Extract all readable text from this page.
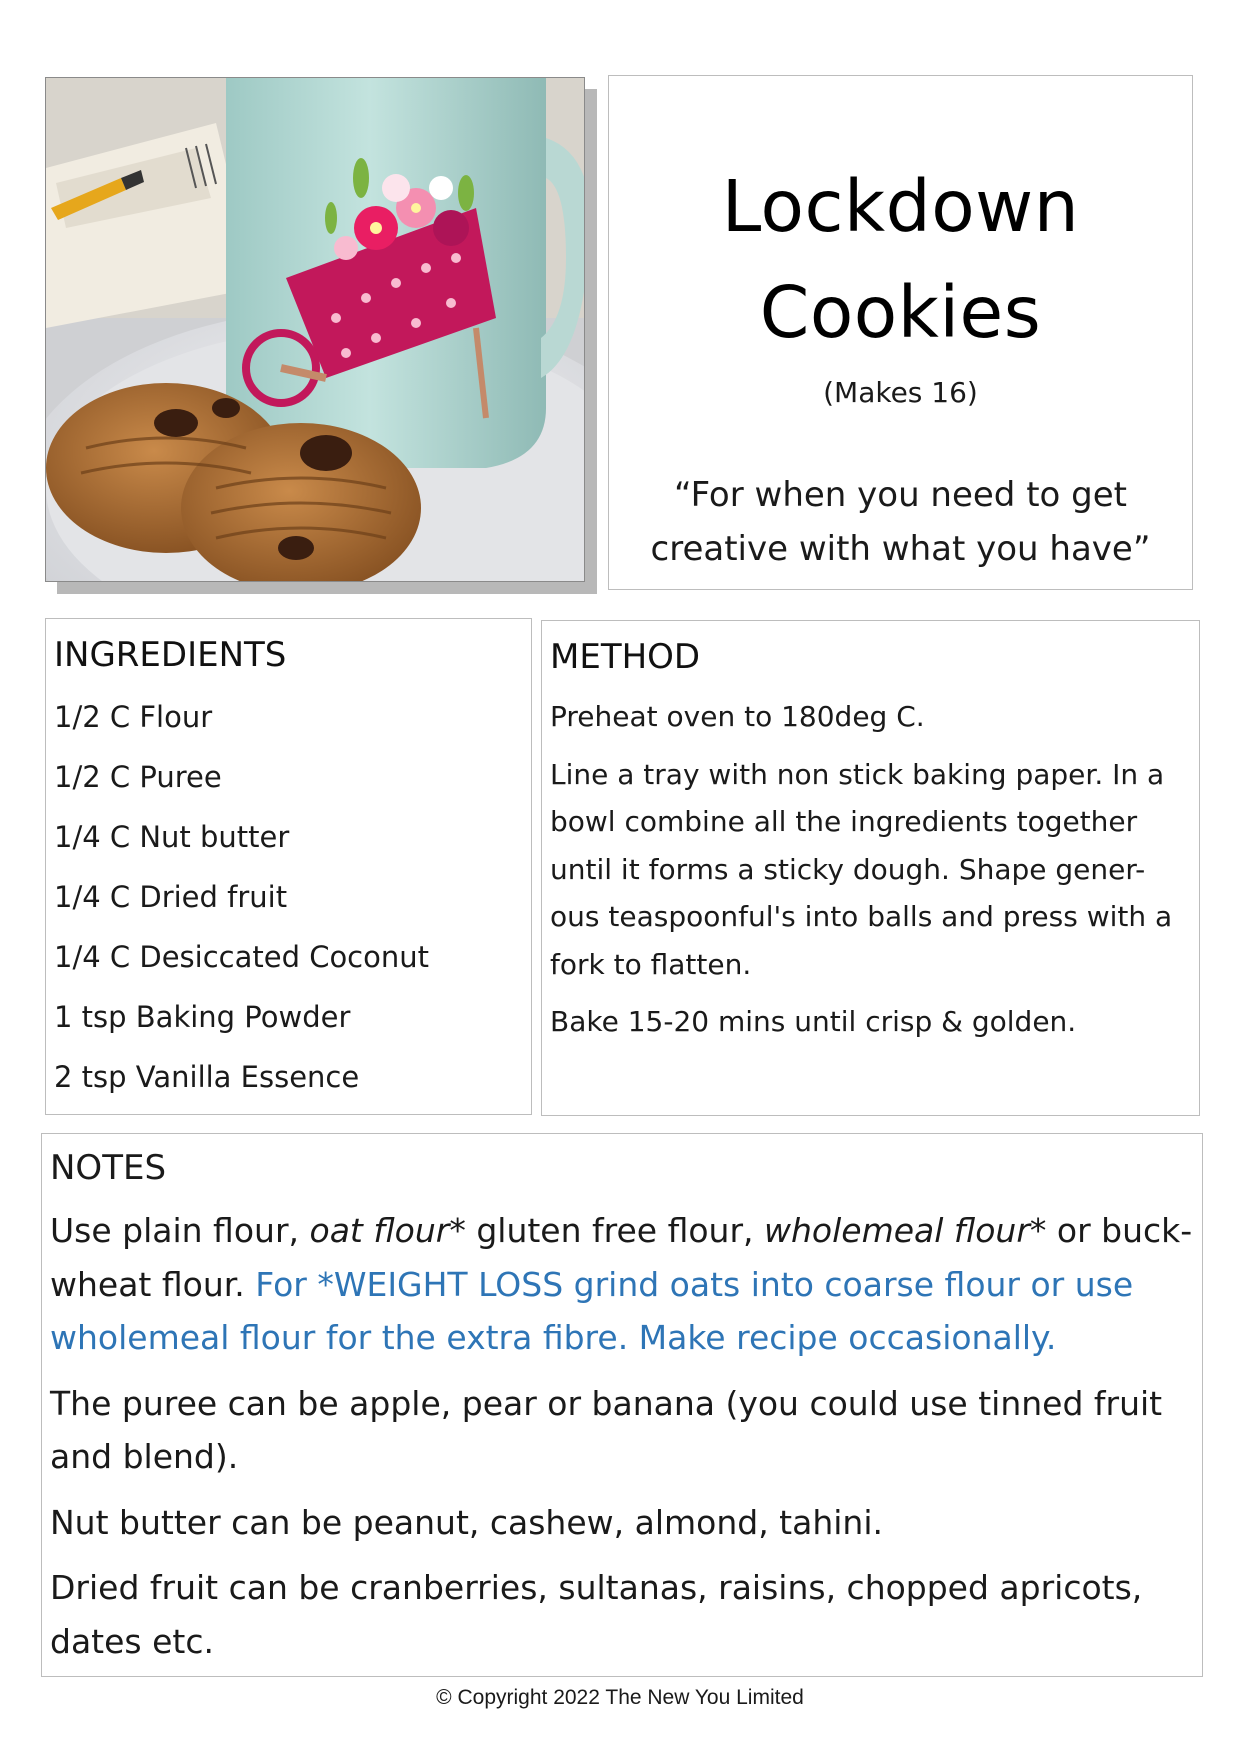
Lockdown
Cookies
(Makes 16)
“For when you need to get creative with what you have”
INGREDIENTS
1/2 C Flour
1/2 C Puree
1/4 C Nut butter
1/4 C Dried fruit
1/4 C Desiccated Coconut
1 tsp Baking Powder
2 tsp Vanilla Essence
METHOD

Preheat oven to 180deg C.

Line a tray with non stick baking paper. In a bowl combine all the ingredients together until it forms a sticky dough. Shape gener-ous teaspoonful's into balls and press with a fork to flatten.

Bake 15-20 mins until crisp & golden.

NOTES

Use plain flour, oat flour* gluten free flour, wholemeal flour* or buck-wheat flour. For *WEIGHT LOSS grind oats into coarse flour or use wholemeal flour for the extra fibre. Make recipe occasionally.

The puree can be apple, pear or banana (you could use tinned fruit and blend).

Nut butter can be peanut, cashew, almond, tahini.

Dried fruit can be cranberries, sultanas, raisins, chopped apricots, dates etc.

© Copyright 2022 The New You Limited
